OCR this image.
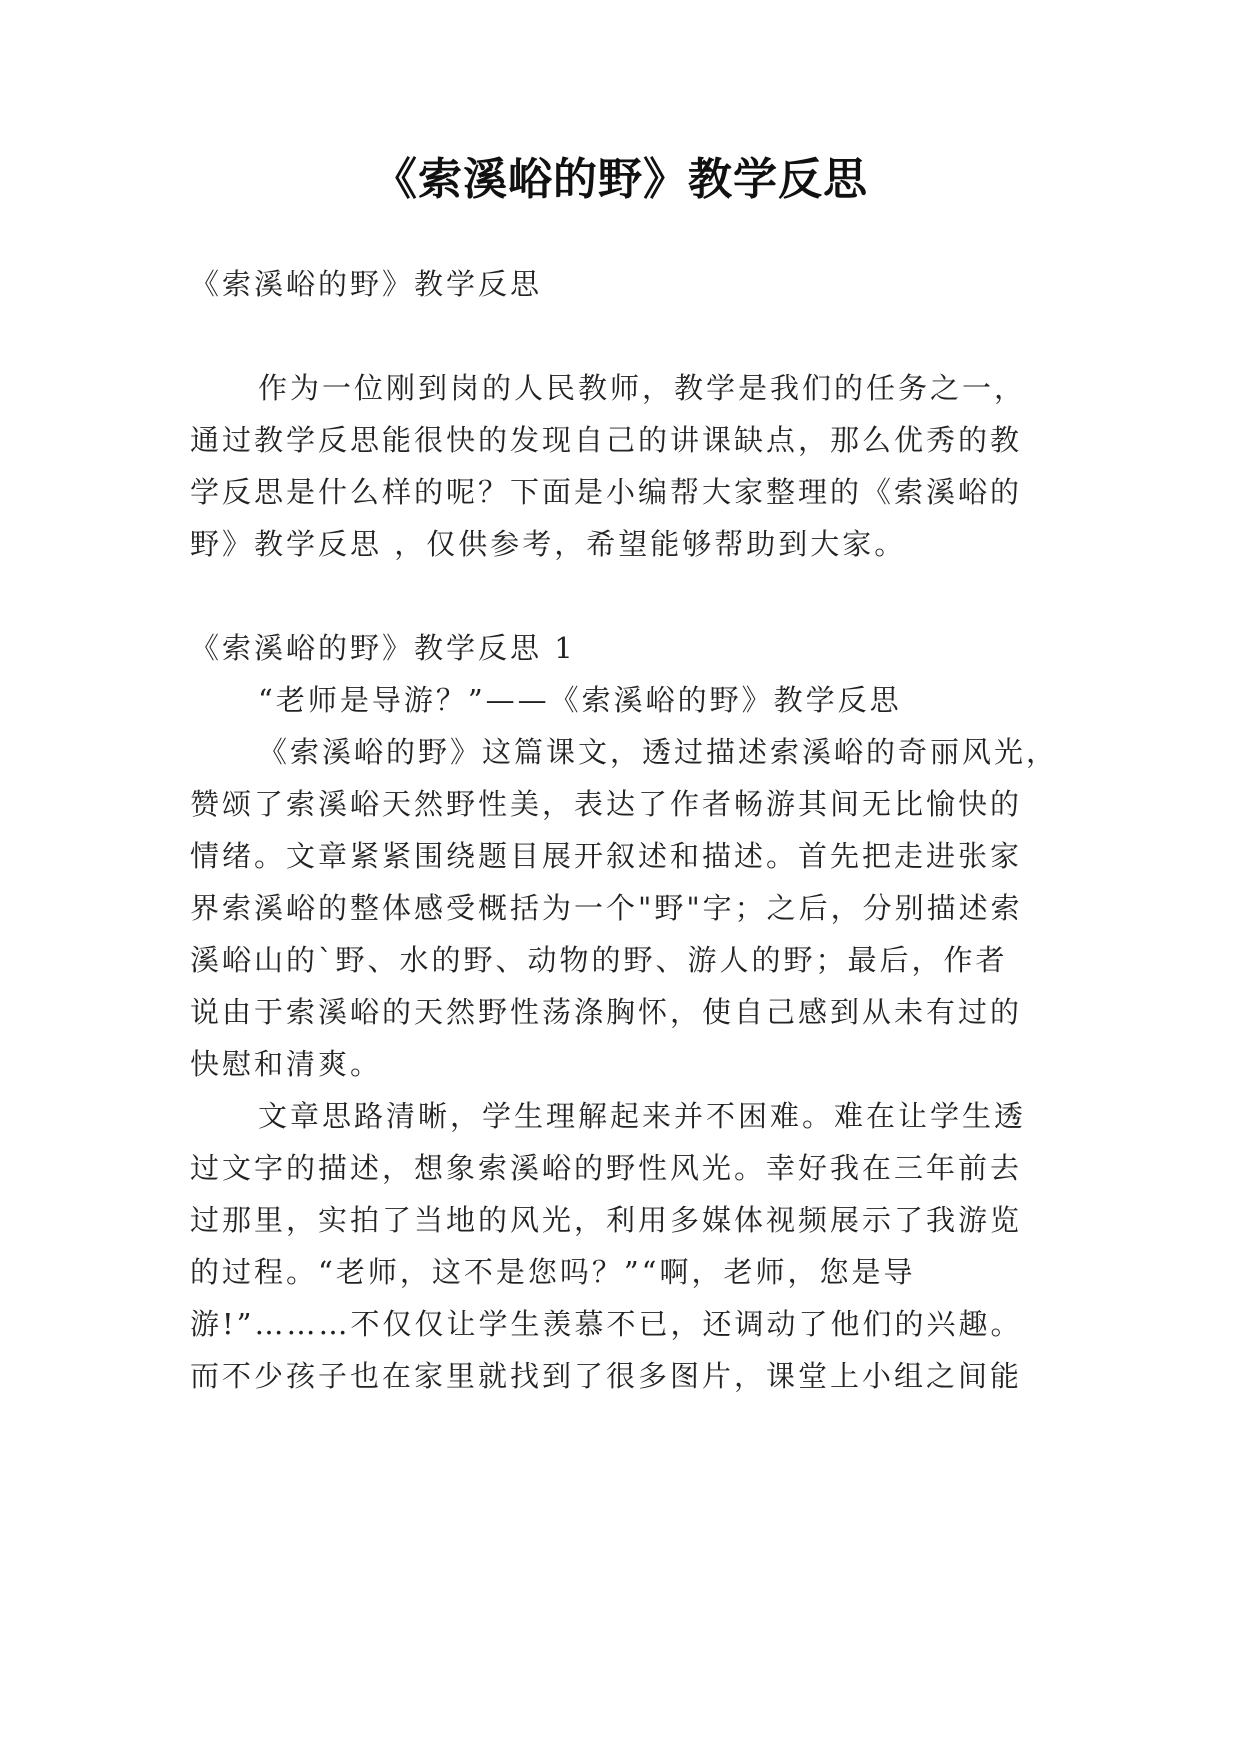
《索溪峪的野》教学反思
《索溪峪的野》教学反思
作为一位刚到岗的人民教师，教学是我们的任务之一，
通过教学反思能很快的发现自己的讲课缺点，那么优秀的教
学反思是什么样的呢？下面是小编帮大家整理的《索溪峪的
野》教学反思 ，仅供参考，希望能够帮助到大家。
《索溪峪的野》教学反思 1
“老师是导游？”——《索溪峪的野》教学反思
《索溪峪的野》这篇课文，透过描述索溪峪的奇丽风光，
赞颂了索溪峪天然野性美，表达了作者畅游其间无比愉快的
情绪。文章紧紧围绕题目展开叙述和描述。首先把走进张家
界索溪峪的整体感受概括为一个"野"字；之后，分别描述索
溪峪山的`野、水的野、动物的野、游人的野；最后，作者
说由于索溪峪的天然野性荡涤胸怀，使自己感到从未有过的
快慰和清爽。
文章思路清晰，学生理解起来并不困难。难在让学生透
过文字的描述，想象索溪峪的野性风光。幸好我在三年前去
过那里，实拍了当地的风光，利用多媒体视频展示了我游览
的过程。“老师，这不是您吗？”“啊，老师，您是导
游!”………不仅仅让学生羡慕不已，还调动了他们的兴趣。
而不少孩子也在家里就找到了很多图片，课堂上小组之间能
